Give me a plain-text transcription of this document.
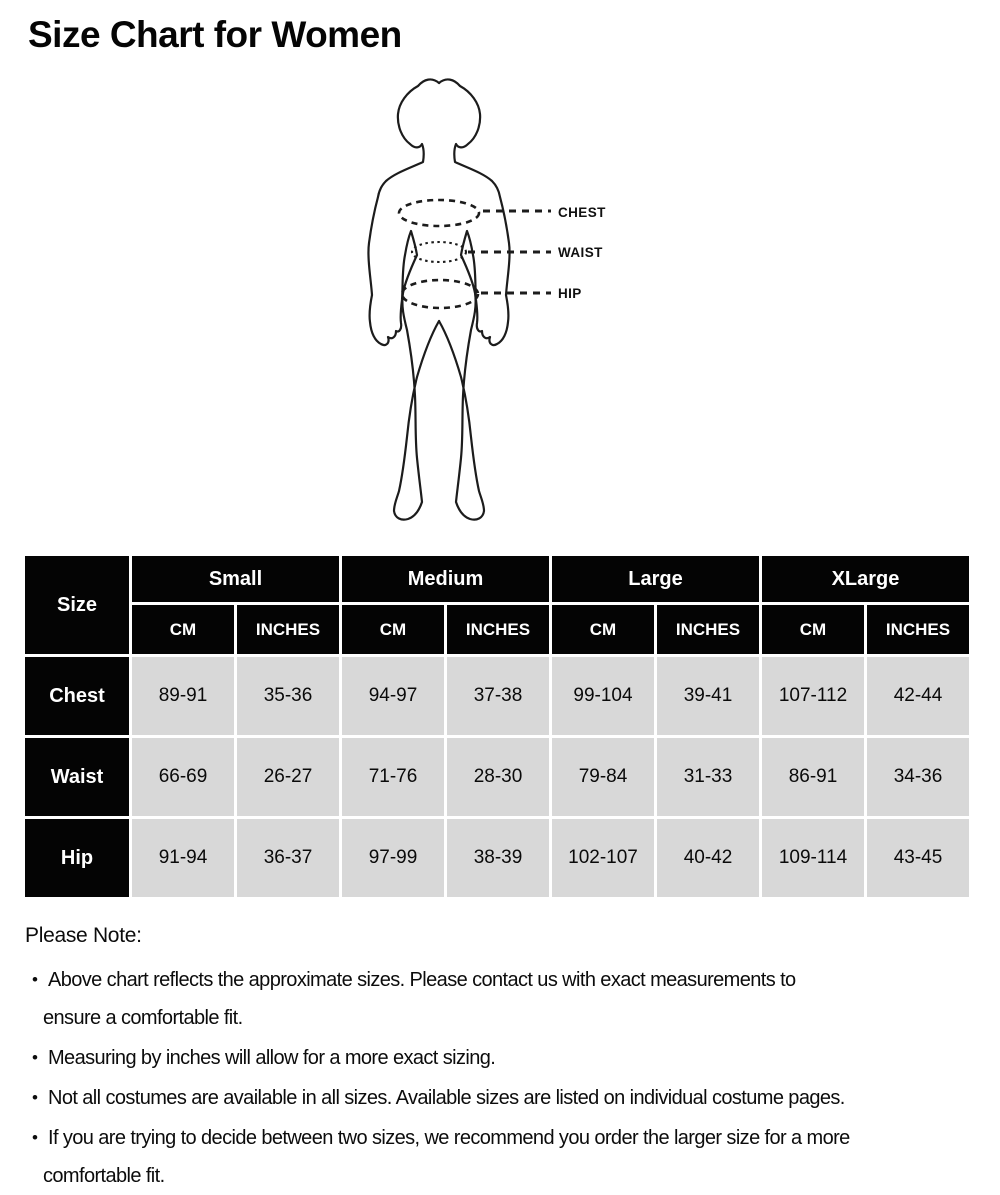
CHEST
WAIST
HIP
Size Chart for Women
Size	Small		Medium		Large		XLarge	
	CM	INCHES	CM	INCHES	CM	INCHES	CM	INCHES
Chest	89-91	35-36	94-97	37-38	99-104	39-41	107-112	42-44
Waist	66-69	26-27	71-76	28-30	79-84	31-33	86-91	34-36
Hip	91-94	36-37	97-99	38-39	102-107	40-42	109-114	43-45
Please Note:
• Above chart reflects the approximate sizes. Please contact us with exact measurements to
ensure a comfortable fit.
• Measuring by inches will allow for a more exact sizing.
• Not all costumes are available in all sizes. Available sizes are listed on individual costume pages.
• If you are trying to decide between two sizes, we recommend you order the larger size for a more
comfortable fit.
